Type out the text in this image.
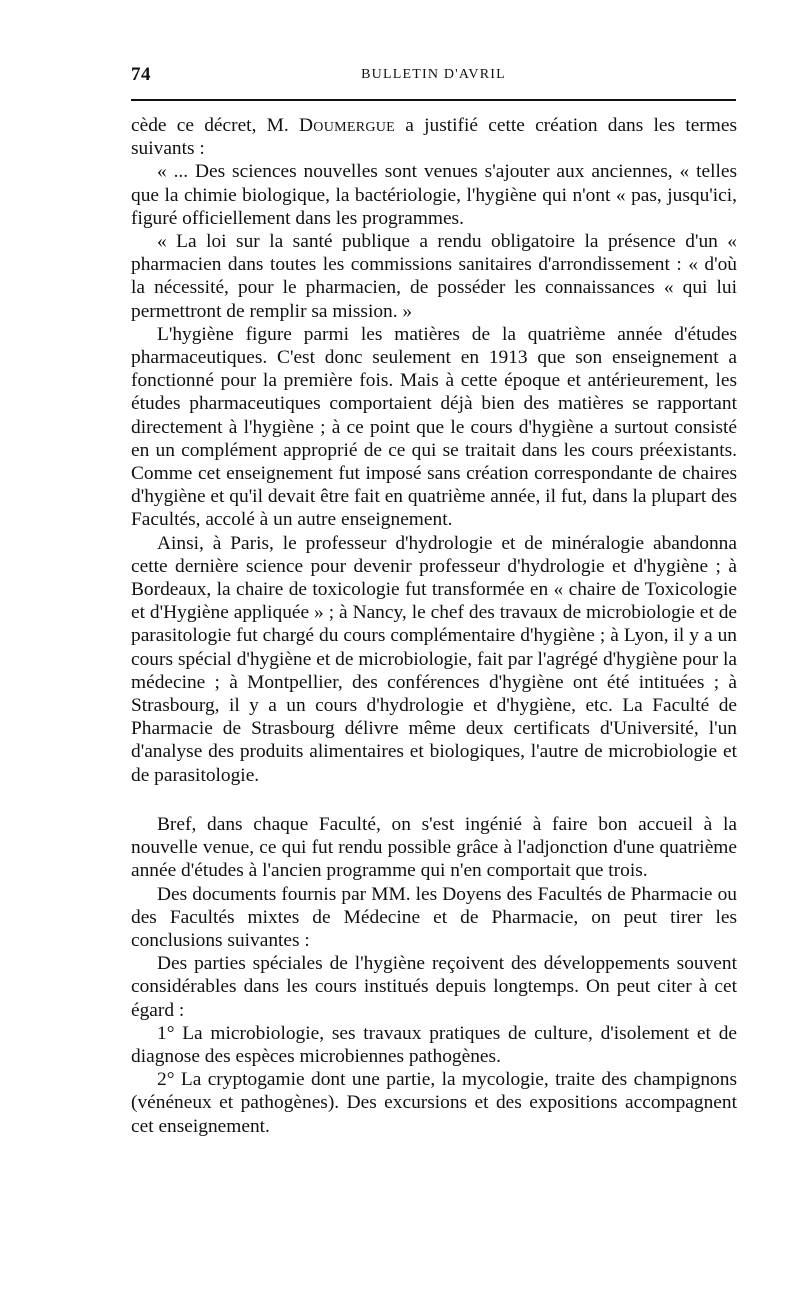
74	BULLETIN D'AVRIL

cède ce décret, M. Doumergue a justifié cette création dans les termes suivants :

« ... Des sciences nouvelles sont venues s'ajouter aux anciennes, « telles que la chimie biologique, la bactériologie, l'hygiène qui n'ont « pas, jusqu'ici, figuré officiellement dans les programmes.

« La loi sur la santé publique a rendu obligatoire la présence d'un « pharmacien dans toutes les commissions sanitaires d'arrondissement : « d'où la nécessité, pour le pharmacien, de posséder les connaissances « qui lui permettront de remplir sa mission. »

L'hygiène figure parmi les matières de la quatrième année d'études pharmaceutiques. C'est donc seulement en 1913 que son enseignement a fonctionné pour la première fois. Mais à cette époque et antérieurement, les études pharmaceutiques comportaient déjà bien des matières se rapportant directement à l'hygiène ; à ce point que le cours d'hygiène a surtout consisté en un complément approprié de ce qui se traitait dans les cours préexistants. Comme cet enseignement fut imposé sans création correspondante de chaires d'hygiène et qu'il devait être fait en quatrième année, il fut, dans la plupart des Facultés, accolé à un autre enseignement.

Ainsi, à Paris, le professeur d'hydrologie et de minéralogie abandonna cette dernière science pour devenir professeur d'hydrologie et d'hygiène ; à Bordeaux, la chaire de toxicologie fut transformée en « chaire de Toxicologie et d'Hygiène appliquée » ; à Nancy, le chef des travaux de microbiologie et de parasitologie fut chargé du cours complémentaire d'hygiène ; à Lyon, il y a un cours spécial d'hygiène et de microbiologie, fait par l'agrégé d'hygiène pour la médecine ; à Montpellier, des conférences d'hygiène ont été intituées ; à Strasbourg, il y a un cours d'hydrologie et d'hygiène, etc. La Faculté de Pharmacie de Strasbourg délivre même deux certificats d'Université, l'un d'analyse des produits alimentaires et biologiques, l'autre de microbiologie et de parasitologie.

Bref, dans chaque Faculté, on s'est ingénié à faire bon accueil à la nouvelle venue, ce qui fut rendu possible grâce à l'adjonction d'une quatrième année d'études à l'ancien programme qui n'en comportait que trois.

Des documents fournis par MM. les Doyens des Facultés de Pharmacie ou des Facultés mixtes de Médecine et de Pharmacie, on peut tirer les conclusions suivantes :

Des parties spéciales de l'hygiène reçoivent des développements souvent considérables dans les cours institués depuis longtemps. On peut citer à cet égard :

1° La microbiologie, ses travaux pratiques de culture, d'isolement et de diagnose des espèces microbiennes pathogènes.

2° La cryptogamie dont une partie, la mycologie, traite des champignons (vénéneux et pathogènes). Des excursions et des expositions accompagnent cet enseignement.
